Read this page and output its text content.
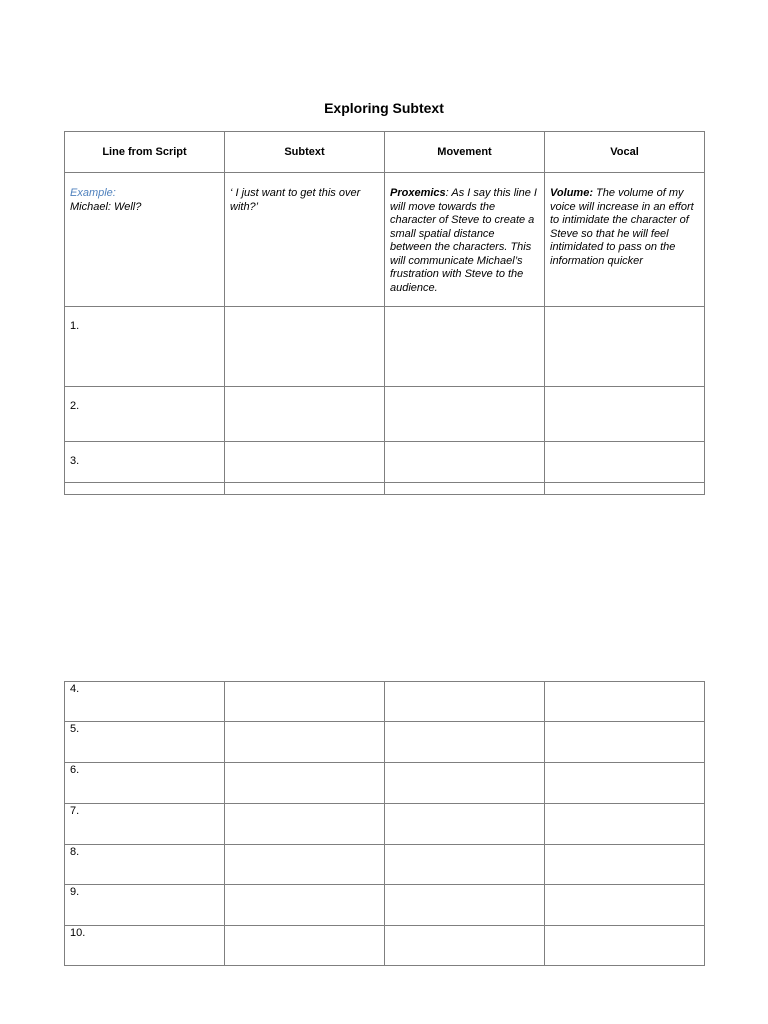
Exploring Subtext
Line from Script	Subtext	Movement	Vocal

Example:
Michael: Well?	‘ I just want to get this over with?’	Proxemics: As I say this line I will move towards the character of Steve to create a small spatial distance between the characters. This will communicate Michael’s frustration with Steve to the audience.	Volume: The volume of my voice will increase in an effort to intimidate the character of Steve so that he will feel intimidated to pass on the information quicker
1.			
2.			
3.			

4.			
5.			
6.			
7.			
8.			
9.			
10.			
